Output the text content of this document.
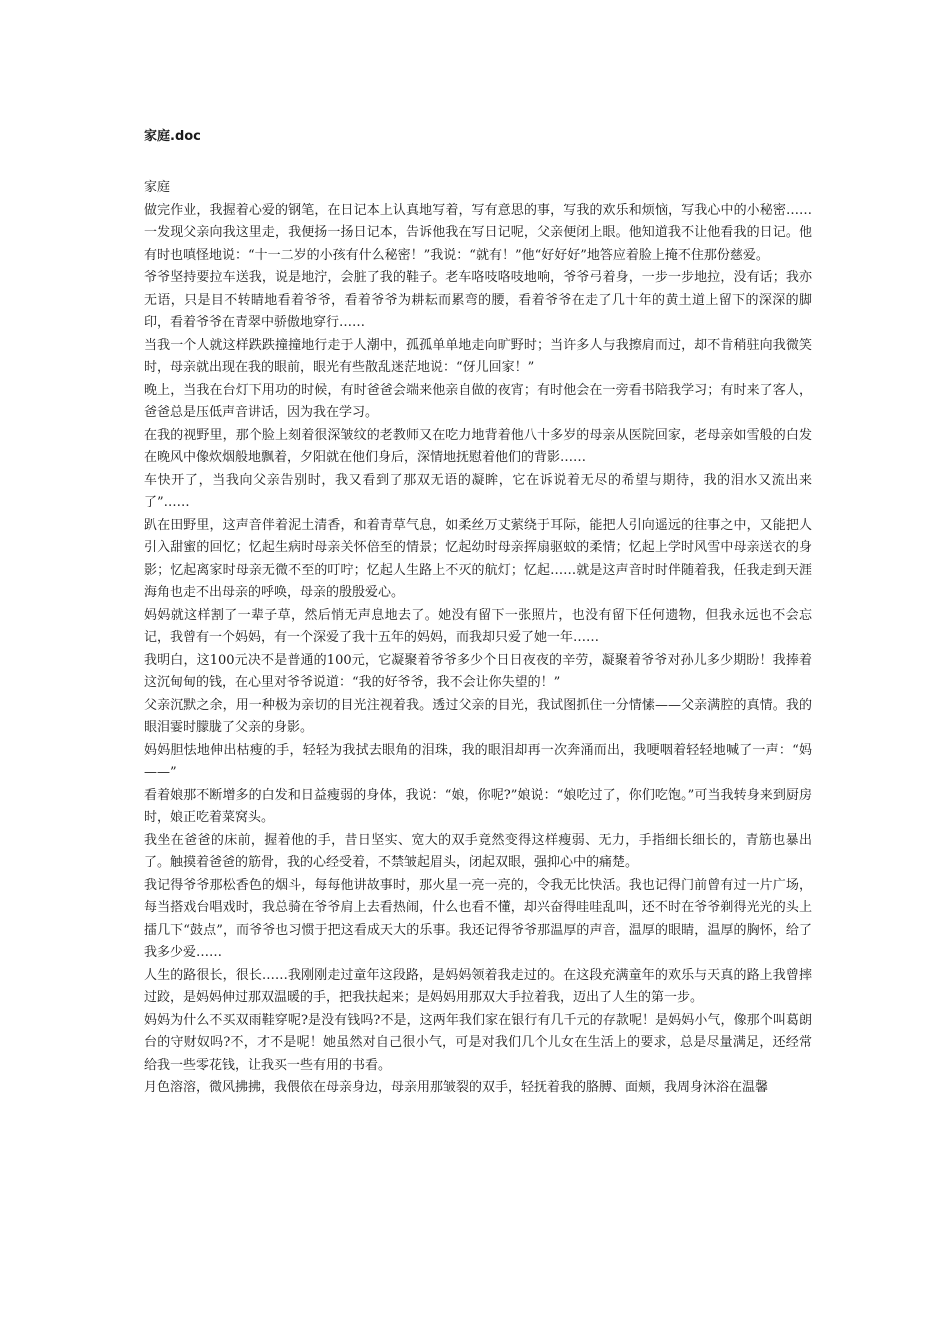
家庭.doc

家庭

做完作业，我握着心爱的钢笔，在日记本上认真地写着，写有意思的事，写我的欢乐和烦恼，写我心中的小秘密……一发现父亲向我这里走，我便扬一扬日记本，告诉他我在写日记呢，父亲便闭上眼。他知道我不让他看我的日记。他有时也嗔怪地说：“十一二岁的小孩有什么秘密！”我说：“就有！”他“好好好”地答应着脸上掩不住那份慈爱。

爷爷坚持要拉车送我，说是地泞，会脏了我的鞋子。老车咯吱咯吱地响，爷爷弓着身，一步一步地拉，没有话；我亦无语，只是目不转睛地看着爷爷，看着爷爷为耕耘而累弯的腰，看着爷爷在走了几十年的黄土道上留下的深深的脚印，看着爷爷在青翠中骄傲地穿行……

当我一个人就这样跌跌撞撞地行走于人潮中，孤孤单单地走向旷野时；当许多人与我擦肩而过，却不肯稍驻向我微笑时，母亲就出现在我的眼前，眼光有些散乱迷茫地说：“伢儿回家！”

晚上，当我在台灯下用功的时候，有时爸爸会端来他亲自做的夜宵；有时他会在一旁看书陪我学习；有时来了客人，爸爸总是压低声音讲话，因为我在学习。

在我的视野里，那个脸上刻着很深皱纹的老教师又在吃力地背着他八十多岁的母亲从医院回家，老母亲如雪般的白发在晚风中像炊烟般地飘着，夕阳就在他们身后，深情地抚慰着他们的背影……

车快开了，当我向父亲告别时，我又看到了那双无语的凝眸，它在诉说着无尽的希望与期待，我的泪水又流出来了”……

趴在田野里，这声音伴着泥土清香，和着青草气息，如柔丝万丈萦绕于耳际，能把人引向遥远的往事之中，又能把人引入甜蜜的回忆；忆起生病时母亲关怀倍至的情景；忆起幼时母亲挥扇驱蚊的柔情；忆起上学时风雪中母亲送衣的身影；忆起离家时母亲无微不至的叮咛；忆起人生路上不灭的航灯；忆起……就是这声音时时伴随着我，任我走到天涯海角也走不出母亲的呼唤，母亲的殷殷爱心。

妈妈就这样割了一辈子草，然后悄无声息地去了。她没有留下一张照片，也没有留下任何遗物，但我永远也不会忘记，我曾有一个妈妈，有一个深爱了我十五年的妈妈，而我却只爱了她一年……

我明白，这100元决不是普通的100元，它凝聚着爷爷多少个日日夜夜的辛劳，凝聚着爷爷对孙儿多少期盼！我捧着这沉甸甸的钱，在心里对爷爷说道：“我的好爷爷，我不会让你失望的！”

父亲沉默之余，用一种极为亲切的目光注视着我。透过父亲的目光，我试图抓住一分情愫——父亲满腔的真情。我的眼泪霎时朦胧了父亲的身影。

妈妈胆怯地伸出枯瘦的手，轻轻为我拭去眼角的泪珠，我的眼泪却再一次奔涌而出，我哽咽着轻轻地喊了一声：“妈——”

看着娘那不断增多的白发和日益瘦弱的身体，我说：“娘，你呢?”娘说：“娘吃过了，你们吃饱。”可当我转身来到厨房时，娘正吃着菜窝头。

我坐在爸爸的床前，握着他的手，昔日坚实、宽大的双手竟然变得这样瘦弱、无力，手指细长细长的，青筋也暴出了。触摸着爸爸的筋骨，我的心经受着，不禁皱起眉头，闭起双眼，强抑心中的痛楚。

我记得爷爷那松香色的烟斗，每每他讲故事时，那火星一亮一亮的，令我无比快活。我也记得门前曾有过一片广场，每当搭戏台唱戏时，我总骑在爷爷肩上去看热闹，什么也看不懂，却兴奋得哇哇乱叫，还不时在爷爷剃得光光的头上擂几下“鼓点”，而爷爷也习惯于把这看成天大的乐事。我还记得爷爷那温厚的声音，温厚的眼睛，温厚的胸怀，给了我多少爱……

人生的路很长，很长……我刚刚走过童年这段路，是妈妈领着我走过的。在这段充满童年的欢乐与天真的路上我曾摔过跤，是妈妈伸过那双温暖的手，把我扶起来；是妈妈用那双大手拉着我，迈出了人生的第一步。

妈妈为什么不买双雨鞋穿呢?是没有钱吗?不是，这两年我们家在银行有几千元的存款呢！是妈妈小气，像那个叫葛朗台的守财奴吗?不，才不是呢！她虽然对自己很小气，可是对我们几个儿女在生活上的要求，总是尽量满足，还经常给我一些零花钱，让我买一些有用的书看。

月色溶溶，微风拂拂，我偎依在母亲身边，母亲用那皱裂的双手，轻抚着我的胳膊、面颊，我周身沐浴在温馨
